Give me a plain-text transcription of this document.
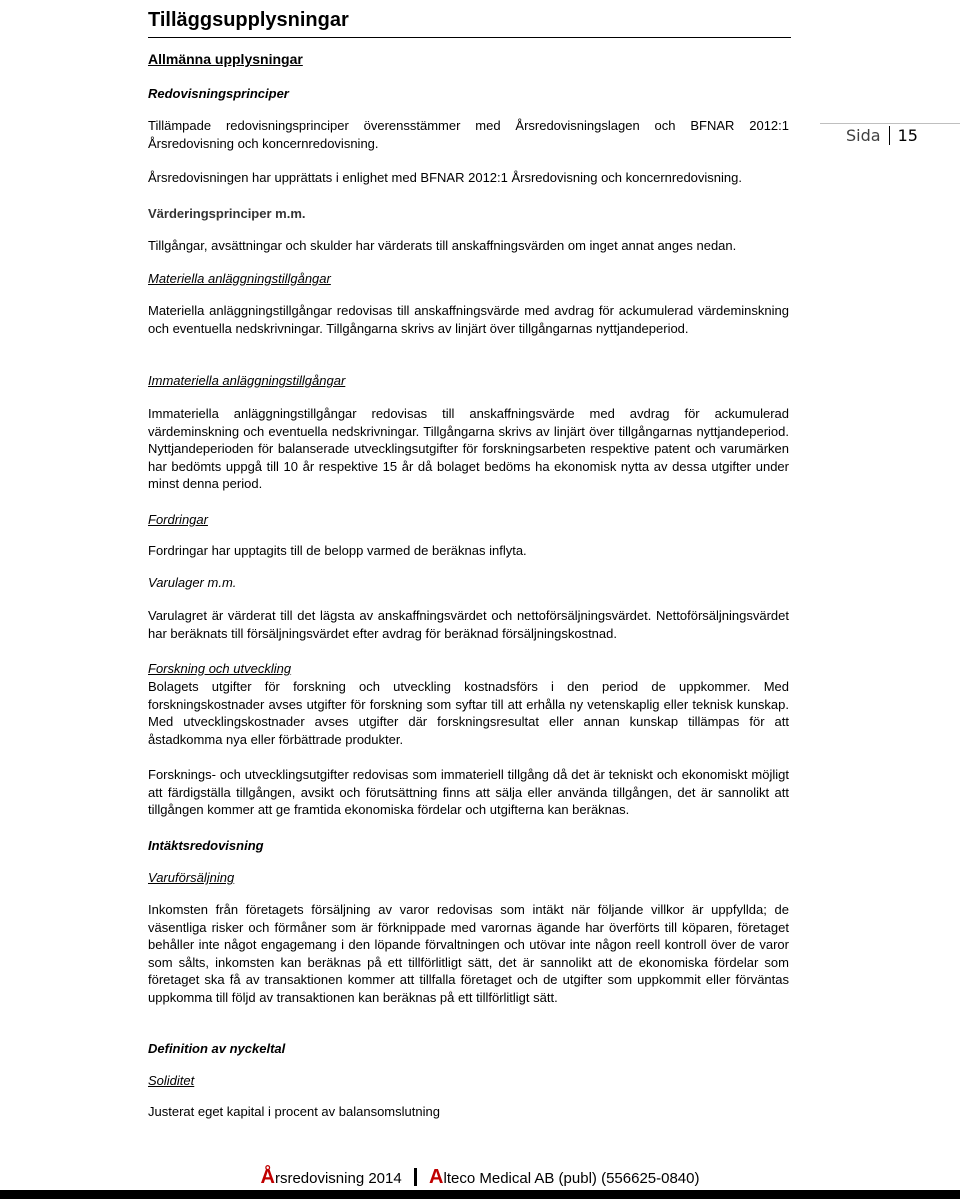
Tilläggsupplysningar
Sida 15
Allmänna upplysningar
Redovisningsprinciper

Tillämpade redovisningsprinciper överensstämmer med Årsredovisningslagen och BFNAR 2012:1 Årsredovisning och koncernredovisning.

Årsredovisningen har upprättats i enlighet med BFNAR 2012:1 Årsredovisning och koncernredovisning.

Värderingsprinciper m.m.

Tillgångar, avsättningar och skulder har värderats till anskaffningsvärden om inget annat anges nedan.

Materiella anläggningstillgångar

Materiella anläggningstillgångar redovisas till anskaffningsvärde med avdrag för ackumulerad värdeminskning och eventuella nedskrivningar. Tillgångarna skrivs av linjärt över tillgångarnas nyttjandeperiod.

Immateriella anläggningstillgångar

Immateriella anläggningstillgångar redovisas till anskaffningsvärde med avdrag för ackumulerad värdeminskning och eventuella nedskrivningar. Tillgångarna skrivs av linjärt över tillgångarnas nyttjandeperiod. Nyttjandeperioden för balanserade utvecklingsutgifter för forskningsarbeten respektive patent och varumärken har bedömts uppgå till 10 år respektive 15 år då bolaget bedöms ha ekonomisk nytta av dessa utgifter under minst denna period.

Fordringar

Fordringar har upptagits till de belopp varmed de beräknas inflyta.

Varulager m.m.

Varulagret är värderat till det lägsta av anskaffningsvärdet och nettoförsäljningsvärdet. Nettoförsäljningsvärdet har beräknats till försäljningsvärdet efter avdrag för beräknad försäljningskostnad.

Forskning och utveckling

Bolagets utgifter för forskning och utveckling kostnadsförs i den period de uppkommer. Med forskningskostnader avses utgifter för forskning som syftar till att erhålla ny vetenskaplig eller teknisk kunskap. Med utvecklingskostnader avses utgifter där forskningsresultat eller annan kunskap tillämpas för att åstadkomma nya eller förbättrade produkter.

Forsknings- och utvecklingsutgifter redovisas som immateriell tillgång då det är tekniskt och ekonomiskt möjligt att färdigställa tillgången, avsikt och förutsättning finns att sälja eller använda tillgången, det är sannolikt att tillgången kommer att ge framtida ekonomiska fördelar och utgifterna kan beräknas.

Intäktsredovisning
Varuförsäljning

Inkomsten från företagets försäljning av varor redovisas som intäkt när följande villkor är uppfyllda; de väsentliga risker och förmåner som är förknippade med varornas ägande har överförts till köparen, företaget behåller inte något engagemang i den löpande förvaltningen och utövar inte någon reell kontroll över de varor som sålts, inkomsten kan beräknas på ett tillförlitligt sätt, det är sannolikt att de ekonomiska fördelar som företaget ska få av transaktionen kommer att tillfalla företaget och de utgifter som uppkommit eller förväntas uppkomma till följd av transaktionen kan beräknas på ett tillförlitligt sätt.

Definition av nyckeltal
Soliditet

Justerat eget kapital i procent av balansomslutning

Årsredovisning 2014 Alteco Medical AB (publ) (556625-0840)
